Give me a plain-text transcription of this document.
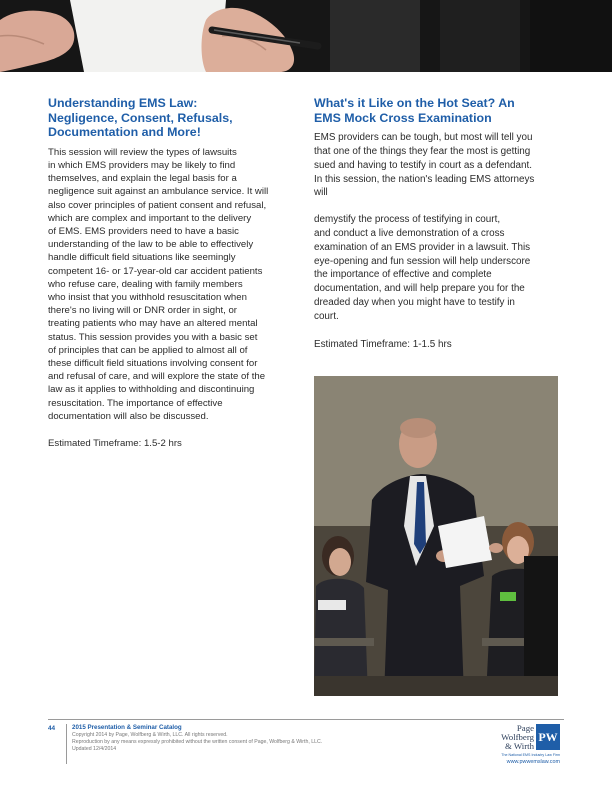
Understanding EMS Law:
Negligence, Consent, Refusals,
Documentation and More!
This session will review the types of lawsuits
in which EMS providers may be likely to find
themselves, and explain the legal basis for a
negligence suit against an ambulance service. It will
also cover principles of patient consent and refusal,
which are complex and important to the delivery
of EMS. EMS providers need to have a basic
understanding of the law to be able to effectively
handle difficult field situations like seemingly
competent 16- or 17-year-old car accident patients
who refuse care, dealing with family members
who insist that you withhold resuscitation when
there's no living will or DNR order in sight, or
treating patients who may have an altered mental
status. This session provides you with a basic set
of principles that can be applied to almost all of
these difficult field situations involving consent for
and refusal of care, and will explore the state of the
law as it applies to withholding and discontinuing
resuscitation. The importance of effective
documentation will also be discussed.
Estimated Timeframe: 1.5-2 hrs
What's it Like on the Hot Seat? An
EMS Mock Cross Examination
EMS providers can be tough, but most will tell you
that one of the things they fear the most is getting
sued and having to testify in court as a defendant.
In this session, the nation's leading EMS attorneys
will
demystify the process of testifying in court,
and conduct a live demonstration of a cross
examination of an EMS provider in a lawsuit. This
eye-opening and fun session will help underscore
the importance of effective and complete
documentation, and will help prepare you for the
dreaded day when you might have to testify in
court.
Estimated Timeframe: 1-1.5 hrs
44	2015 Presentation & Seminar Catalog
Copyright 2014 by Page, Wolfberg & Wirth, LLC. All rights reserved.
Reproduction by any means expressly prohibited without the written consent of Page, Wolfberg & Wirth, LLC.
Updated 12/4/2014
Page
Wolfberg
& Wirth
PW
The National EMS Industry Law Firm
www.pwwemslaw.com
